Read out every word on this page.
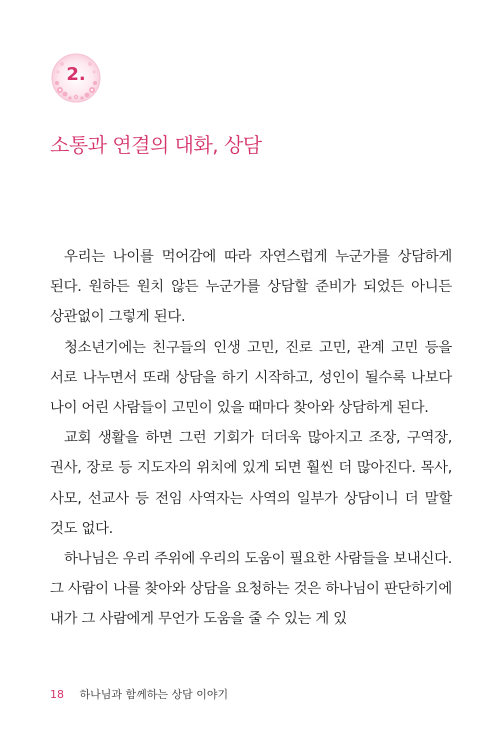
2.
소통과 연결의 대화, 상담

우리는 나이를 먹어감에 따라 자연스럽게 누군가를 상담하게 된다. 원하든 원치 않든 누군가를 상담할 준비가 되었든 아니든 상관없이 그렇게 된다.

청소년기에는 친구들의 인생 고민, 진로 고민, 관계 고민 등을 서로 나누면서 또래 상담을 하기 시작하고, 성인이 될수록 나보다 나이 어린 사람들이 고민이 있을 때마다 찾아와 상담하게 된다.

교회 생활을 하면 그런 기회가 더더욱 많아지고 조장, 구역장, 권사, 장로 등 지도자의 위치에 있게 되면 훨씬 더 많아진다. 목사, 사모, 선교사 등 전임 사역자는 사역의 일부가 상담이니 더 말할 것도 없다.

하나님은 우리 주위에 우리의 도움이 필요한 사람들을 보내신다. 그 사람이 나를 찾아와 상담을 요청하는 것은 하나님이 판단하기에 내가 그 사람에게 무언가 도움을 줄 수 있는 게 있

18 하나님과 함께하는 상담 이야기
